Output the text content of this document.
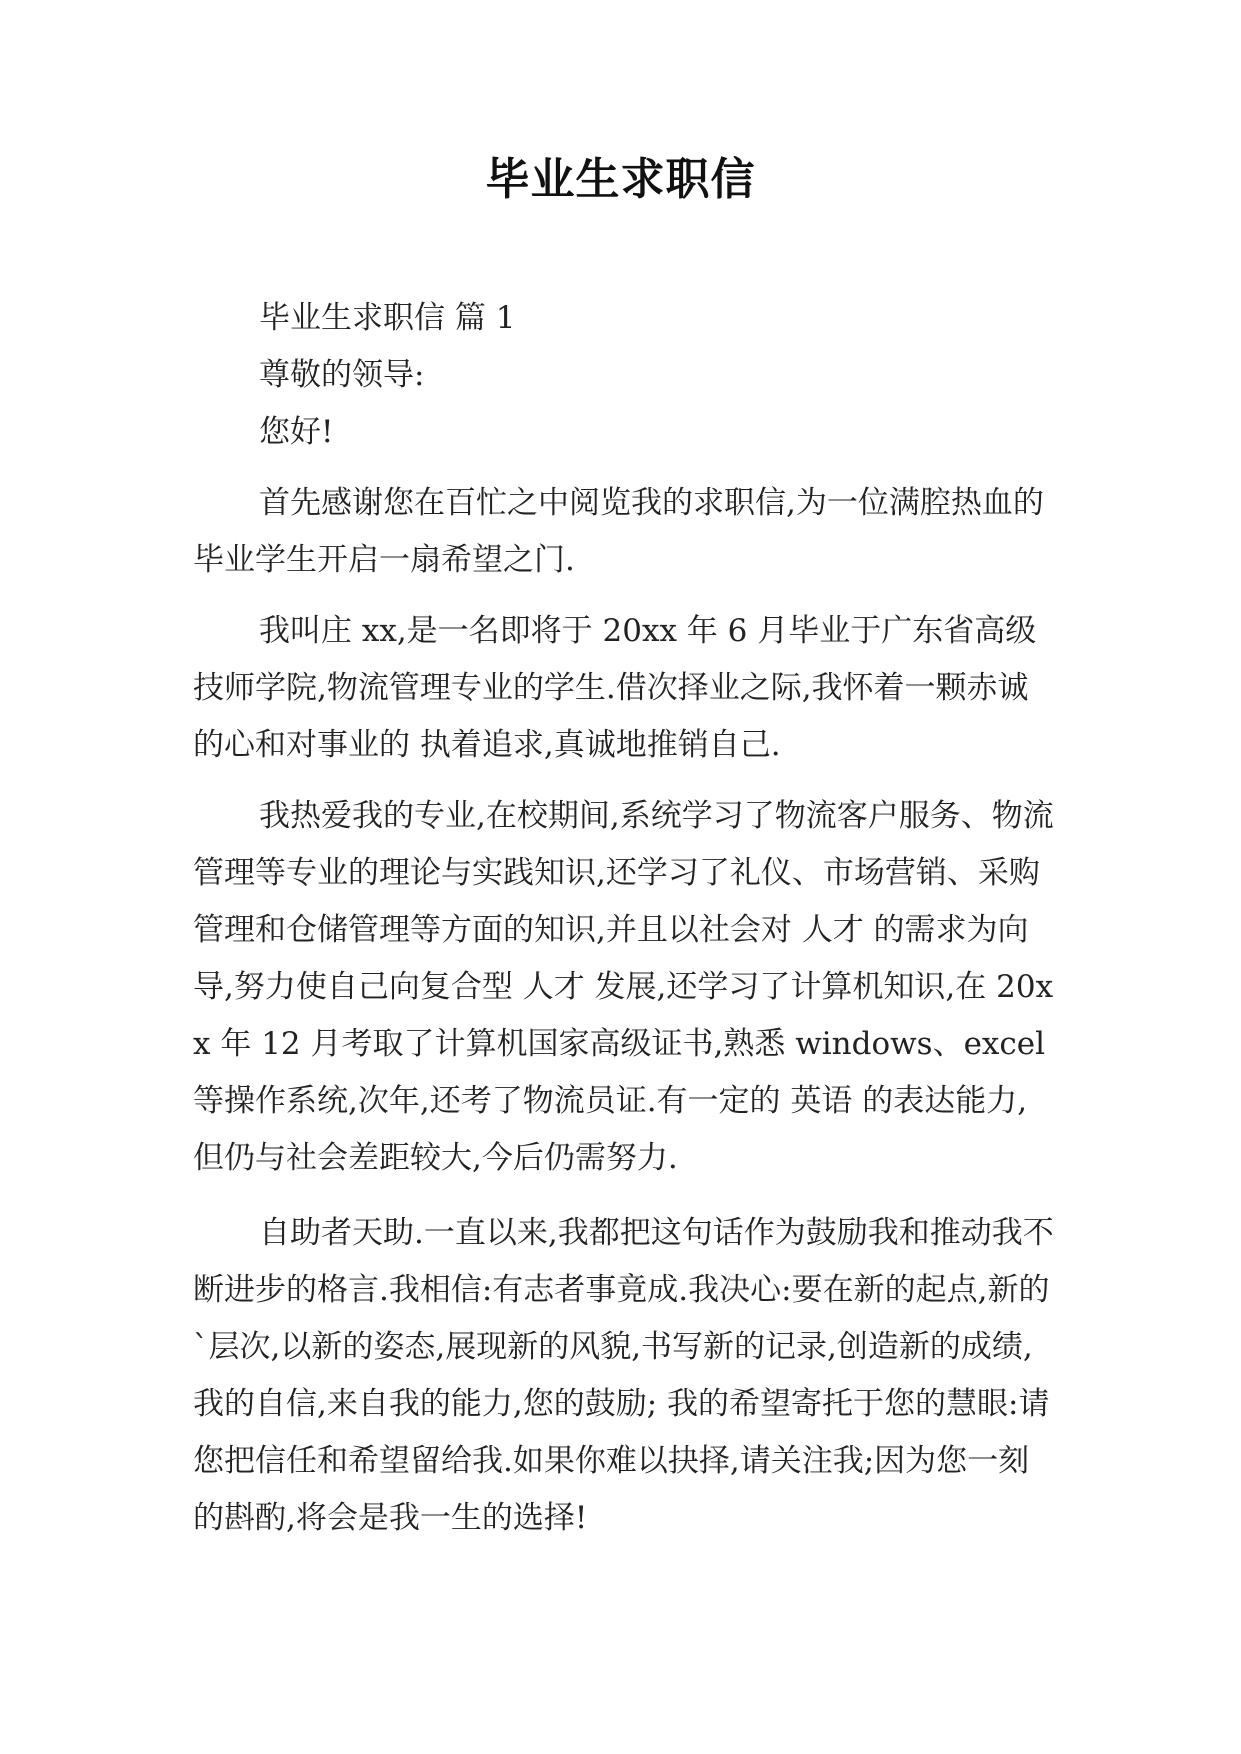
毕业生求职信

毕业生求职信 篇 1

尊敬的领导:

您好!

首先感谢您在百忙之中阅览我的求职信,为一位满腔热血的毕业学生开启一扇希望之门.

我叫庄 xx,是一名即将于 20xx 年 6 月毕业于广东省高级技师学院,物流管理专业的学生.借次择业之际,我怀着一颗赤诚的心和对事业的 执着追求,真诚地推销自己.

我热爱我的专业,在校期间,系统学习了物流客户服务、物流管理等专业的理论与实践知识,还学习了礼仪、市场营销、采购管理和仓储管理等方面的知识,并且以社会对 人才 的需求为向导,努力使自己向复合型 人才 发展,还学习了计算机知识,在 20xx 年 12 月考取了计算机国家高级证书,熟悉 windows、excel 等操作系统,次年,还考了物流员证.有一定的 英语 的表达能力,但仍与社会差距较大,今后仍需努力.

自助者天助.一直以来,我都把这句话作为鼓励我和推动我不断进步的格言.我相信:有志者事竟成.我决心:要在新的起点,新的`层次,以新的姿态,展现新的风貌,书写新的记录,创造新的成绩,我的自信,来自我的能力,您的鼓励; 我的希望寄托于您的慧眼:请您把信任和希望留给我.如果你难以抉择,请关注我;因为您一刻的斟酌,将会是我一生的选择!
